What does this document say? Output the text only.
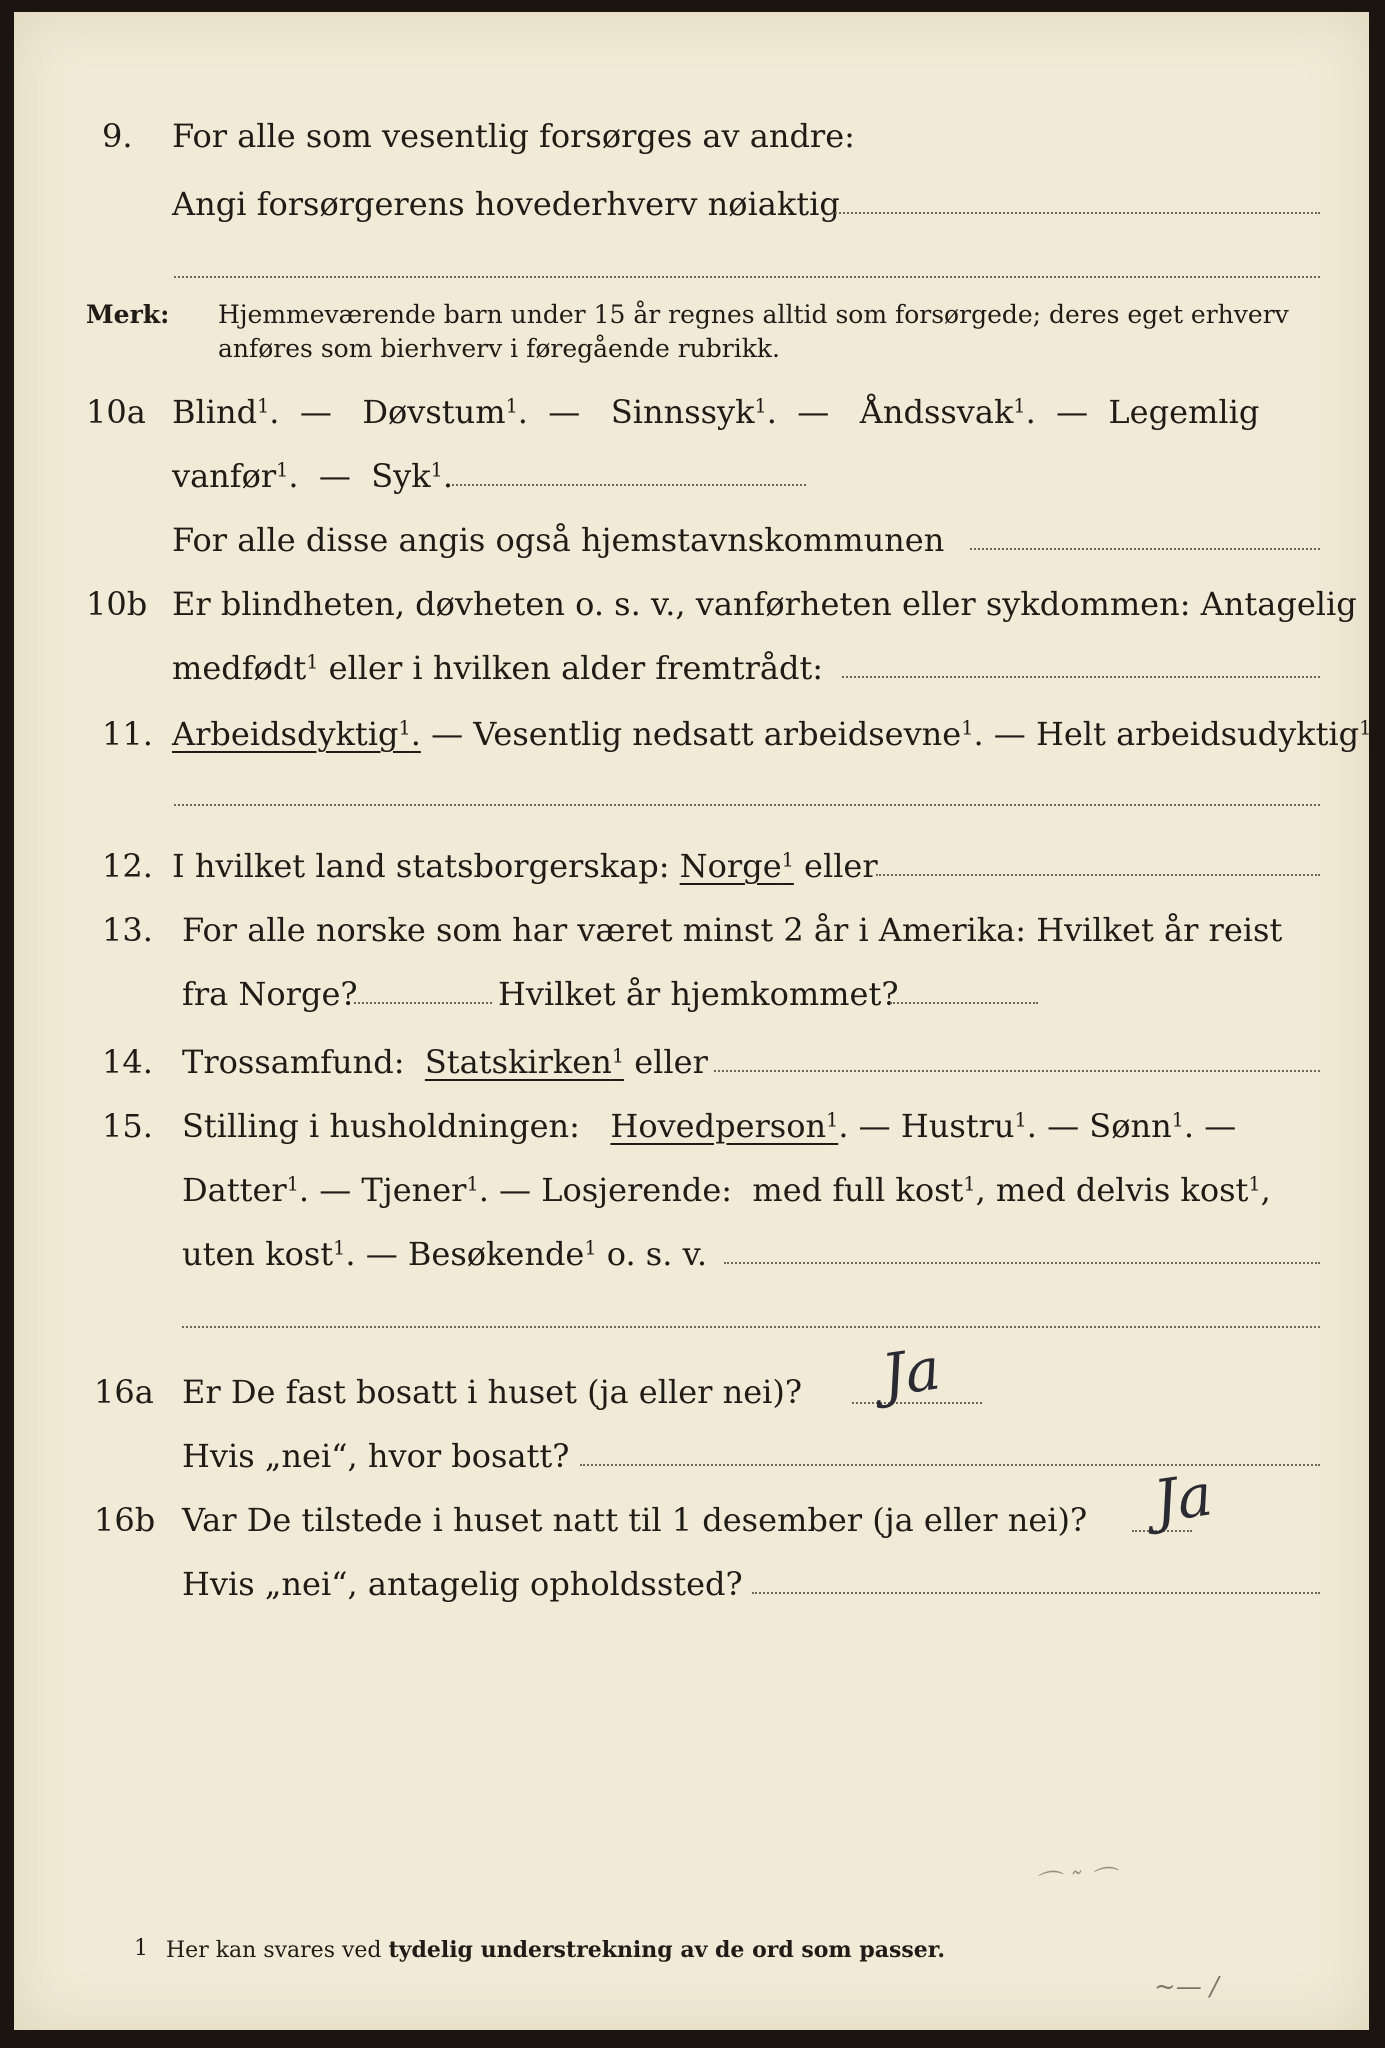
9. For alle som vesentlig forsørges av andre:
Angi forsørgerens hovederhverv nøiaktig
Merk: Hjemmeværende barn under 15 år regnes alltid som forsørgede; deres eget erhverv
anføres som bierhverv i føregående rubrikk.
10a Blind$^1$.  —   Døvstum$^1$.  —   Sinnssyk$^1$.  —   Åndssvak$^1$.  —  Legemlig
vanfør$^1$.  —  Syk$^1$.
For alle disse angis også hjemstavnskommunen
10b Er blindheten, døvheten o. s. v., vanførheten eller sykdommen: Antagelig
medfødt$^1$ eller i hvilken alder fremtrådt:
11. Arbeidsdyktig$^1$. — Vesentlig nedsatt arbeidsevne$^1$. — Helt arbeidsudyktig$^1$.
12. I hvilket land statsborgerskap: Norge$^1$ eller
13. For alle norske som har været minst 2 år i Amerika: Hvilket år reist
fra Norge?	Hvilket år hjemkommet?
14. Trossamfund: Statskirken$^1$ eller
15. Stilling i husholdningen: Hovedperson$^1$. — Hustru$^1$. — Sønn$^1$. —
Datter$^1$. — Tjener$^1$. — Losjerende: med full kost$^1$, med delvis kost$^1$,
uten kost$^1$. — Besøkende$^1$ o. s. v.
16a Er De fast bosatt i huset (ja eller nei)? Ja
Hvis „nei“, hvor bosatt?
16b Var De tilstede i huset natt til 1 desember (ja eller nei)? Ja
Hvis „nei“, antagelig opholdssted?
⌒ ˜ ⌒
~— /
1 Her kan svares ved tydelig understrekning av de ord som passer.
